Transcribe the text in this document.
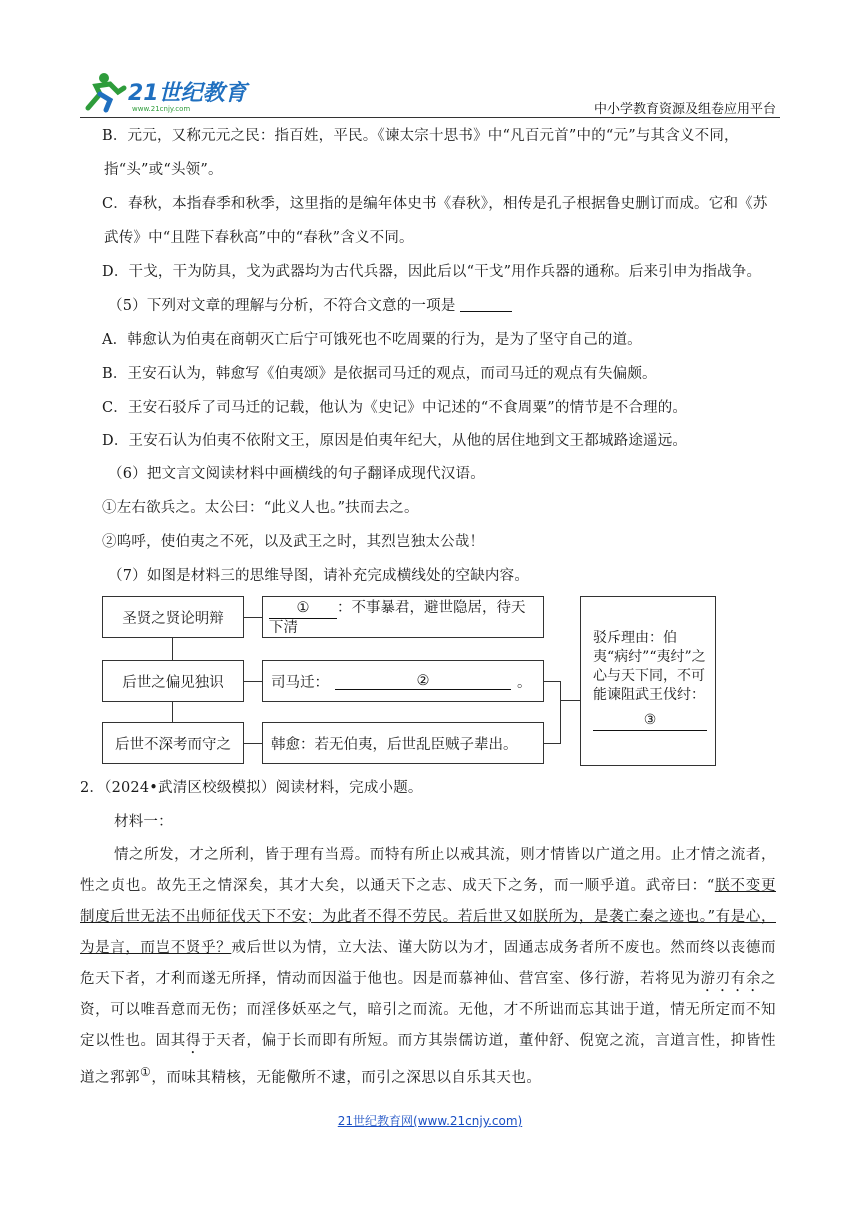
21世纪教育
www.21cnjy.com	中小学教育资源及组卷应用平台
B．元元，又称元元之民：指百姓，平民。《谏太宗十思书》中“凡百元首”中的“元”与其含义不同，
指“头”或“头领”。
C．春秋，本指春季和秋季，这里指的是编年体史书《春秋》，相传是孔子根据鲁史删订而成。它和《苏
武传》中“且陛下春秋高”中的“春秋”含义不同。
D．干戈，干为防具，戈为武器均为古代兵器，因此后以“干戈”用作兵器的通称。后来引申为指战争。
（5）下列对文章的理解与分析，不符合文意的一项是
A．韩愈认为伯夷在商朝灭亡后宁可饿死也不吃周粟的行为，是为了坚守自己的道。
B．王安石认为，韩愈写《伯夷颂》是依据司马迁的观点，而司马迁的观点有失偏颇。
C．王安石驳斥了司马迁的记载，他认为《史记》中记述的“不食周粟”的情节是不合理的。
D．王安石认为伯夷不依附文王，原因是伯夷年纪大，从他的居住地到文王都城路途遥远。
（6）把文言文阅读材料中画横线的句子翻译成现代汉语。
①左右欲兵之。太公曰：“此义人也。”扶而去之。
②呜呼，使伯夷之不死，以及武王之时，其烈岂独太公哉！
（7）如图是材料三的思维导图，请补充完成横线处的空缺内容。
圣贤之贤论明辩
后世之偏见独识
后世不深考而守之
① ：不事暴君，避世隐居，待天
下清
司马迁：	②	。
韩愈：若无伯夷，后世乱臣贼子辈出。
驳斥理由：伯夷“病纣”“夷纣”之心与天下同，不可能谏阻武王伐纣：
③
2．（2024•武清区校级模拟）阅读材料，完成小题。
材料一：
情之所发，才之所利，皆于理有当焉。而特有所止以戒其流，则才情皆以广道之用。止才情之流者，性之贞也。故先王之情深矣，其才大矣，以通天下之志、成天下之务，而一顺乎道。武帝曰：“朕不变更制度后世无法不出师征伐天下不安；为此者不得不劳民。若后世又如朕所为，是袭亡秦之迹也。”有是心，为是言，而岂不贤乎？戒后世以为情，立大法、谨大防以为才，固通志成务者所不废也。然而终以丧德而危天下者，才利而遂无所择，情动而因溢于他也。因是而慕神仙、营宫室、侈行游，若将见为游刃有余之资，可以唯吾意而无伤；而淫侈妖巫之气，暗引之而流。无他，才不所诎而忘其诎于道，情无所定而不知定以性也。固其得于天者，偏于长而即有所短。而方其崇儒访道，董仲舒、倪宽之流，言道言性，抑皆性道之郛郭①，而味其精核，无能儆所不逮，而引之深思以自乐其天也。
21世纪教育网(www.21cnjy.com)
